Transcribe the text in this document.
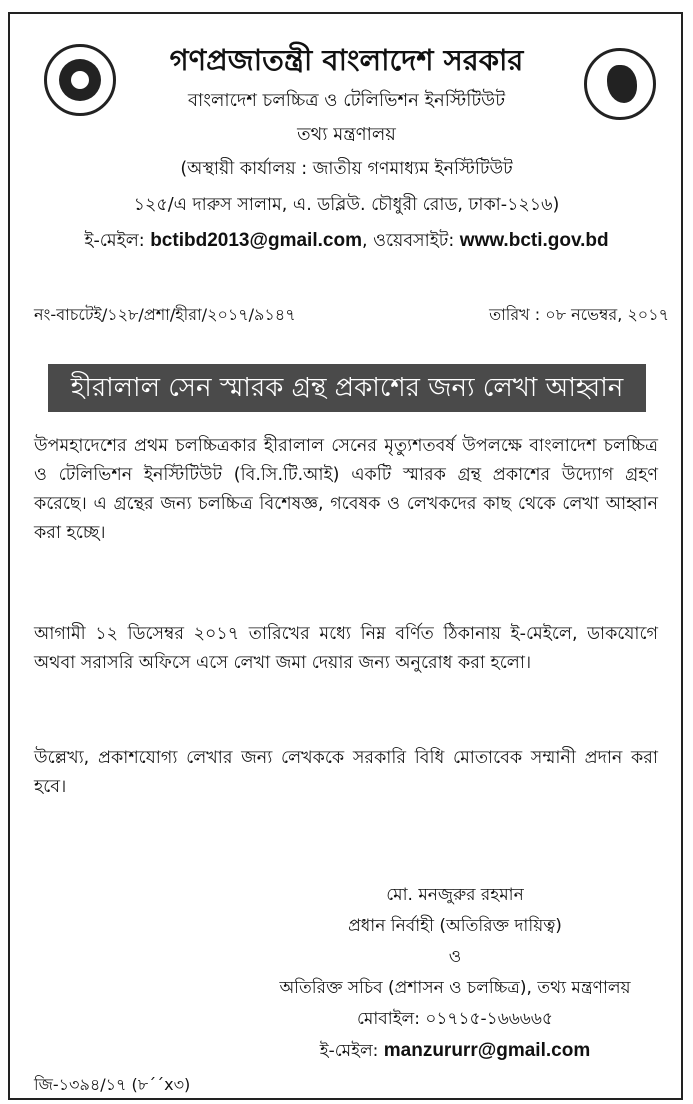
গণপ্রজাতন্ত্রী বাংলাদেশ সরকার
বাংলাদেশ চলচ্চিত্র ও টেলিভিশন ইনস্টিটিউট
তথ্য মন্ত্রণালয়
(অস্থায়ী কার্যালয় : জাতীয় গণমাধ্যম ইনস্টিটিউট
১২৫/এ দারুস সালাম, এ. ডব্লিউ. চৌধুরী রোড, ঢাকা-১২১৬)
ই-মেইল: bctibd2013@gmail.com, ওয়েবসাইট: www.bcti.gov.bd
নং-বাচটেই/১২৮/প্রশা/হীরা/২০১৭/৯১৪৭	তারিখ : ০৮ নভেম্বর, ২০১৭
হীরালাল সেন স্মারক গ্রন্থ প্রকাশের জন্য লেখা আহ্বান
উপমহাদেশের প্রথম চলচ্চিত্রকার হীরালাল সেনের মৃত্যুশতবর্ষ উপলক্ষে বাংলাদেশ চলচ্চিত্র ও টেলিভিশন ইনস্টিটিউট (বি.সি.টি.আই) একটি স্মারক গ্রন্থ প্রকাশের উদ্যোগ গ্রহণ করেছে। এ গ্রন্থের জন্য চলচ্চিত্র বিশেষজ্ঞ, গবেষক ও লেখকদের কাছ থেকে লেখা আহ্বান করা হচ্ছে।
আগামী ১২ ডিসেম্বর ২০১৭ তারিখের মধ্যে নিম্ন বর্ণিত ঠিকানায় ই-মেইলে, ডাকযোগে অথবা সরাসরি অফিসে এসে লেখা জমা দেয়ার জন্য অনুরোধ করা হলো।
উল্লেখ্য, প্রকাশযোগ্য লেখার জন্য লেখককে সরকারি বিধি মোতাবেক সম্মানী প্রদান করা হবে।
মো. মনজুরুর রহমান
প্রধান নির্বাহী (অতিরিক্ত দায়িত্ব)
ও
অতিরিক্ত সচিব (প্রশাসন ও চলচ্চিত্র), তথ্য মন্ত্রণালয়
মোবাইল: ০১৭১৫-১৬৬৬৬৫
ই-মেইল: manzururr@gmail.com
জি-১৩৯৪/১৭ (৮´´x৩)
